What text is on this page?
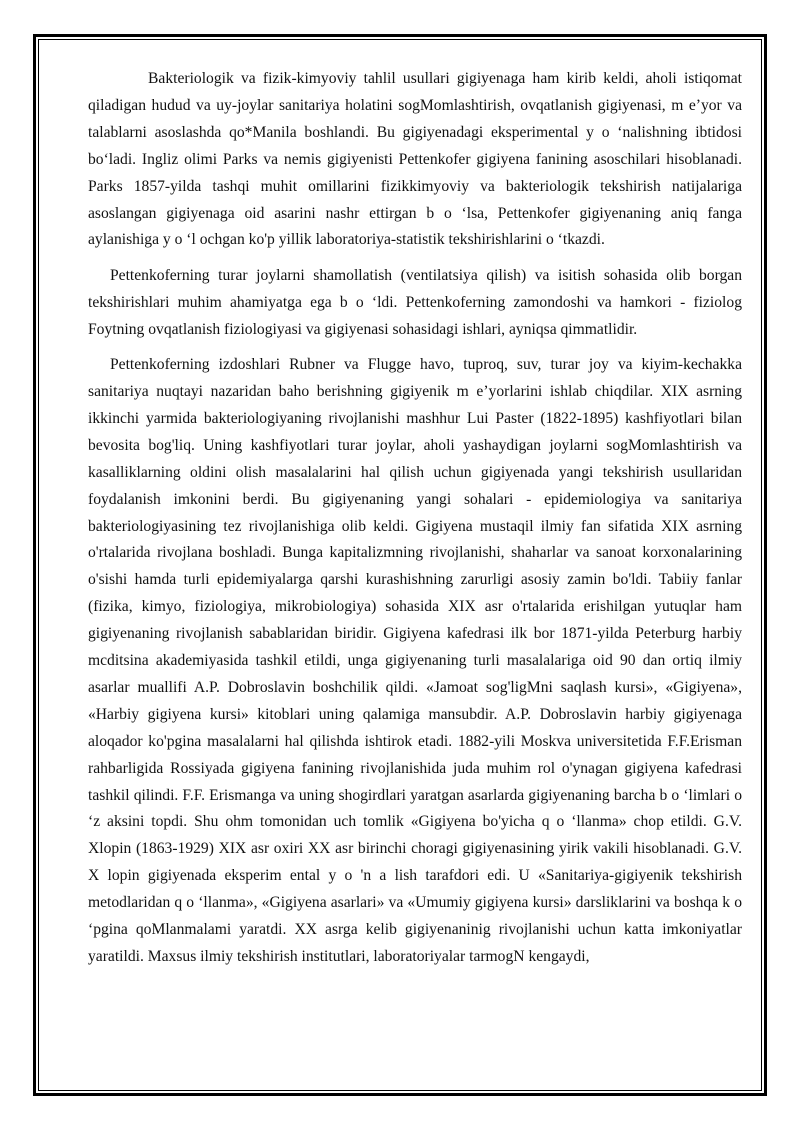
Bakteriologik va fizik-kimyoviy tahlil usullari gigiyenaga ham kirib keldi, aholi istiqomat qiladigan hudud va uy-joylar sanitariya holatini sogMomlashtirish, ovqatlanish gigiyenasi, m e’yor va talablarni asoslashda qo*Manila boshlandi. Bu gigiyenadagi eksperimental y o ‘nalishning ibtidosi bo‘ladi. Ingliz olimi Parks va nemis gigiyenisti Pettenkofer gigiyena fanining asoschilari hisoblanadi. Parks 1857-yilda tashqi muhit omillarini fizikkimyoviy va bakteriologik tekshirish natijalariga asoslangan gigiyenaga oid asarini nashr ettirgan b o ‘lsa, Pettenkofer gigiyenaning aniq fanga aylanishiga y o ‘l ochgan ko'p yillik laboratoriya-statistik tekshirishlarini o ‘tkazdi.

Pettenkoferning turar joylarni shamollatish (ventilatsiya qilish) va isitish sohasida olib borgan tekshirishlari muhim ahamiyatga ega b o ‘ldi. Pettenkoferning zamondoshi va hamkori - fiziolog Foytning ovqatlanish fiziologiyasi va gigiyenasi sohasidagi ishlari, ayniqsa qimmatlidir.

Pettenkoferning izdoshlari Rubner va Flugge havo, tuproq, suv, turar joy va kiyim-kechakka sanitariya nuqtayi nazaridan baho berishning gigiyenik m e’yorlarini ishlab chiqdilar. XIX asrning ikkinchi yarmida bakteriologiyaning rivojlanishi mashhur Lui Paster (1822-1895) kashfiyotlari bilan bevosita bog'liq. Uning kashfiyotlari turar joylar, aholi yashaydigan joylarni sogMomlashtirish va kasalliklarning oldini olish masalalarini hal qilish uchun gigiyenada yangi tekshirish usullaridan foydalanish imkonini berdi. Bu gigiyenaning yangi sohalari - epidemiologiya va sanitariya bakteriologiyasining tez rivojlanishiga olib keldi. Gigiyena mustaqil ilmiy fan sifatida XIX asrning o'rtalarida rivojlana boshladi. Bunga kapitalizmning rivojlanishi, shaharlar va sanoat korxonalarining o'sishi hamda turli epidemiyalarga qarshi kurashishning zarurligi asosiy zamin bo'ldi. Tabiiy fanlar (fizika, kimyo, fiziologiya, mikrobiologiya) sohasida XIX asr o'rtalarida erishilgan yutuqlar ham gigiyenaning rivojlanish sabablaridan biridir. Gigiyena kafedrasi ilk bor 1871-yilda Peterburg harbiy mcditsina akademiyasida tashkil etildi, unga gigiyenaning turli masalalariga oid 90 dan ortiq ilmiy asarlar muallifi A.P. Dobroslavin boshchilik qildi. «Jamoat sog'ligMni saqlash kursi», «Gigiyena», «Harbiy gigiyena kursi» kitoblari uning qalamiga mansubdir. A.P. Dobroslavin harbiy gigiyenaga aloqador ko'pgina masalalarni hal qilishda ishtirok etadi. 1882-yili Moskva universitetida F.F.Erisman rahbarligida Rossiyada gigiyena fanining rivojlanishida juda muhim rol o'ynagan gigiyena kafedrasi tashkil qilindi. F.F. Erismanga va uning shogirdlari yaratgan asarlarda gigiyenaning barcha b o ‘limlari o ‘z aksini topdi. Shu ohm tomonidan uch tomlik «Gigiyena bo'yicha q o ‘llanma» chop etildi. G.V. Xlopin (1863-1929) XIX asr oxiri XX asr birinchi choragi gigiyenasining yirik vakili hisoblanadi. G.V. X lopin gigiyenada eksperim ental y o 'n a lish tarafdori edi. U «Sanitariya-gigiyenik tekshirish metodlaridan q o ‘llanma», «Gigiyena asarlari» va «Umumiy gigiyena kursi» darsliklarini va boshqa k o ‘pgina qoMlanmalami yaratdi. XX asrga kelib gigiyenaninig rivojlanishi uchun katta imkoniyatlar yaratildi. Maxsus ilmiy tekshirish institutlari, laboratoriyalar tarmogN kengaydi,
